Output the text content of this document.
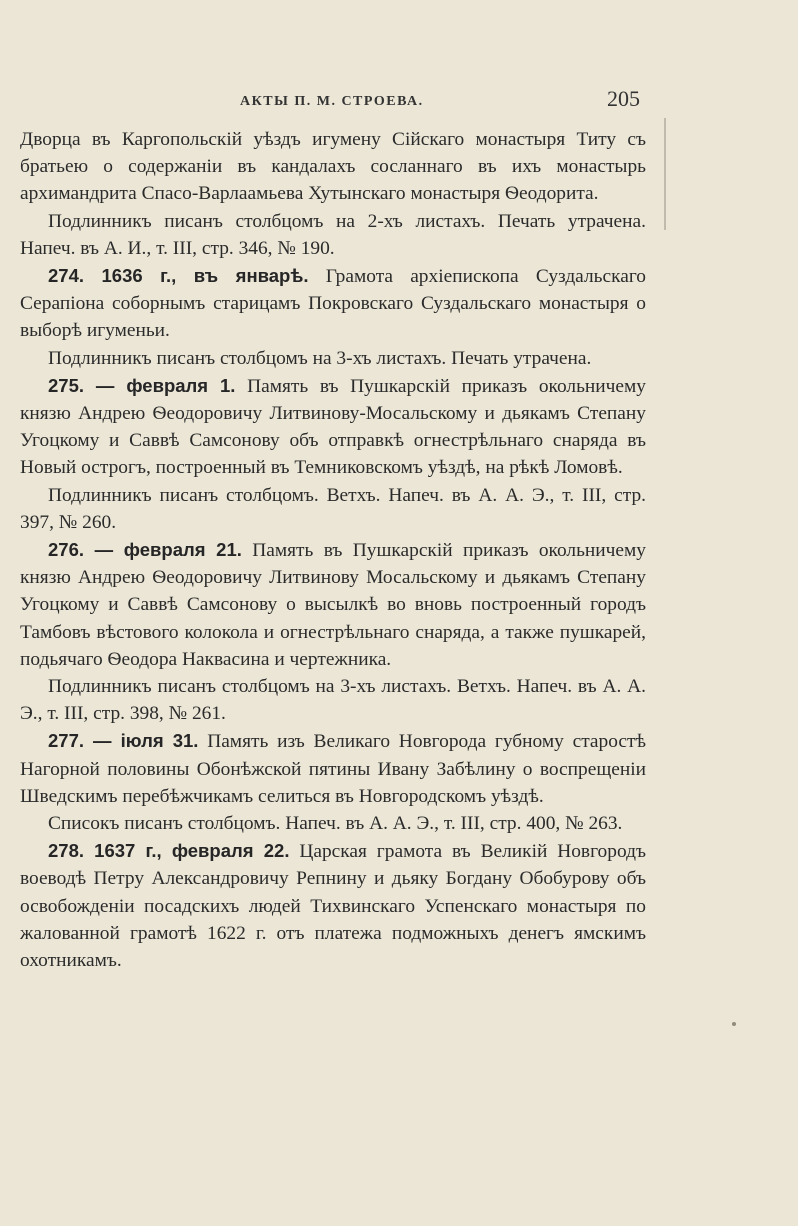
АКТЫ П. М. СТРОЕВА.	205

Дворца въ Каргопольскій уѣздъ игумену Сійскаго монастыря Титу съ братьею о содержаніи въ кандалахъ сосланнаго въ ихъ монастырь архимандрита Спасо-Варлаамьева Хутынскаго монастыря Ѳеодорита.

Подлинникъ писанъ столбцомъ на 2-хъ листахъ. Печать утрачена. Напеч. въ А. И., т. III, стр. 346, № 190.

274. 1636 г., въ январѣ. Грамота архіепископа Суздальскаго Серапіона соборнымъ старицамъ Покровскаго Суздальскаго монастыря о выборѣ игуменьи.

Подлинникъ писанъ столбцомъ на 3-хъ листахъ. Печать утрачена.

275. — февраля 1. Память въ Пушкарскій приказъ окольничему князю Андрею Ѳеодоровичу Литвинову-Мосальскому и дьякамъ Степану Угоцкому и Саввѣ Самсонову объ отправкѣ огнестрѣльнаго снаряда въ Новый острогъ, построенный въ Темниковскомъ уѣздѣ, на рѣкѣ Ломовѣ.

Подлинникъ писанъ столбцомъ. Ветхъ. Напеч. въ А. А. Э., т. III, стр. 397, № 260.

276. — февраля 21. Память въ Пушкарскій приказъ окольничему князю Андрею Ѳеодоровичу Литвинову Мосальскому и дьякамъ Степану Угоцкому и Саввѣ Самсонову о высылкѣ во вновь построенный городъ Тамбовъ вѣстового колокола и огнестрѣльнаго снаряда, а также пушкарей, подьячаго Ѳеодора Наквасина и чертежника.

Подлинникъ писанъ столбцомъ на 3-хъ листахъ. Ветхъ. Напеч. въ А. А. Э., т. III, стр. 398, № 261.

277. — іюля 31. Память изъ Великаго Новгорода губному старостѣ Нагорной половины Обонѣжской пятины Ивану Забѣлину о воспрещеніи Шведскимъ перебѣжчикамъ селиться въ Новгородскомъ уѣздѣ.

Списокъ писанъ столбцомъ. Напеч. въ А. А. Э., т. III, стр. 400, № 263.

278. 1637 г., февраля 22. Царская грамота въ Великій Новгородъ воеводѣ Петру Александровичу Репнину и дьяку Богдану Обобурову объ освобожденіи посадскихъ людей Тихвинскаго Успенскаго монастыря по жалованной грамотѣ 1622 г. отъ платежа подможныхъ денегъ ямскимъ охотникамъ.
